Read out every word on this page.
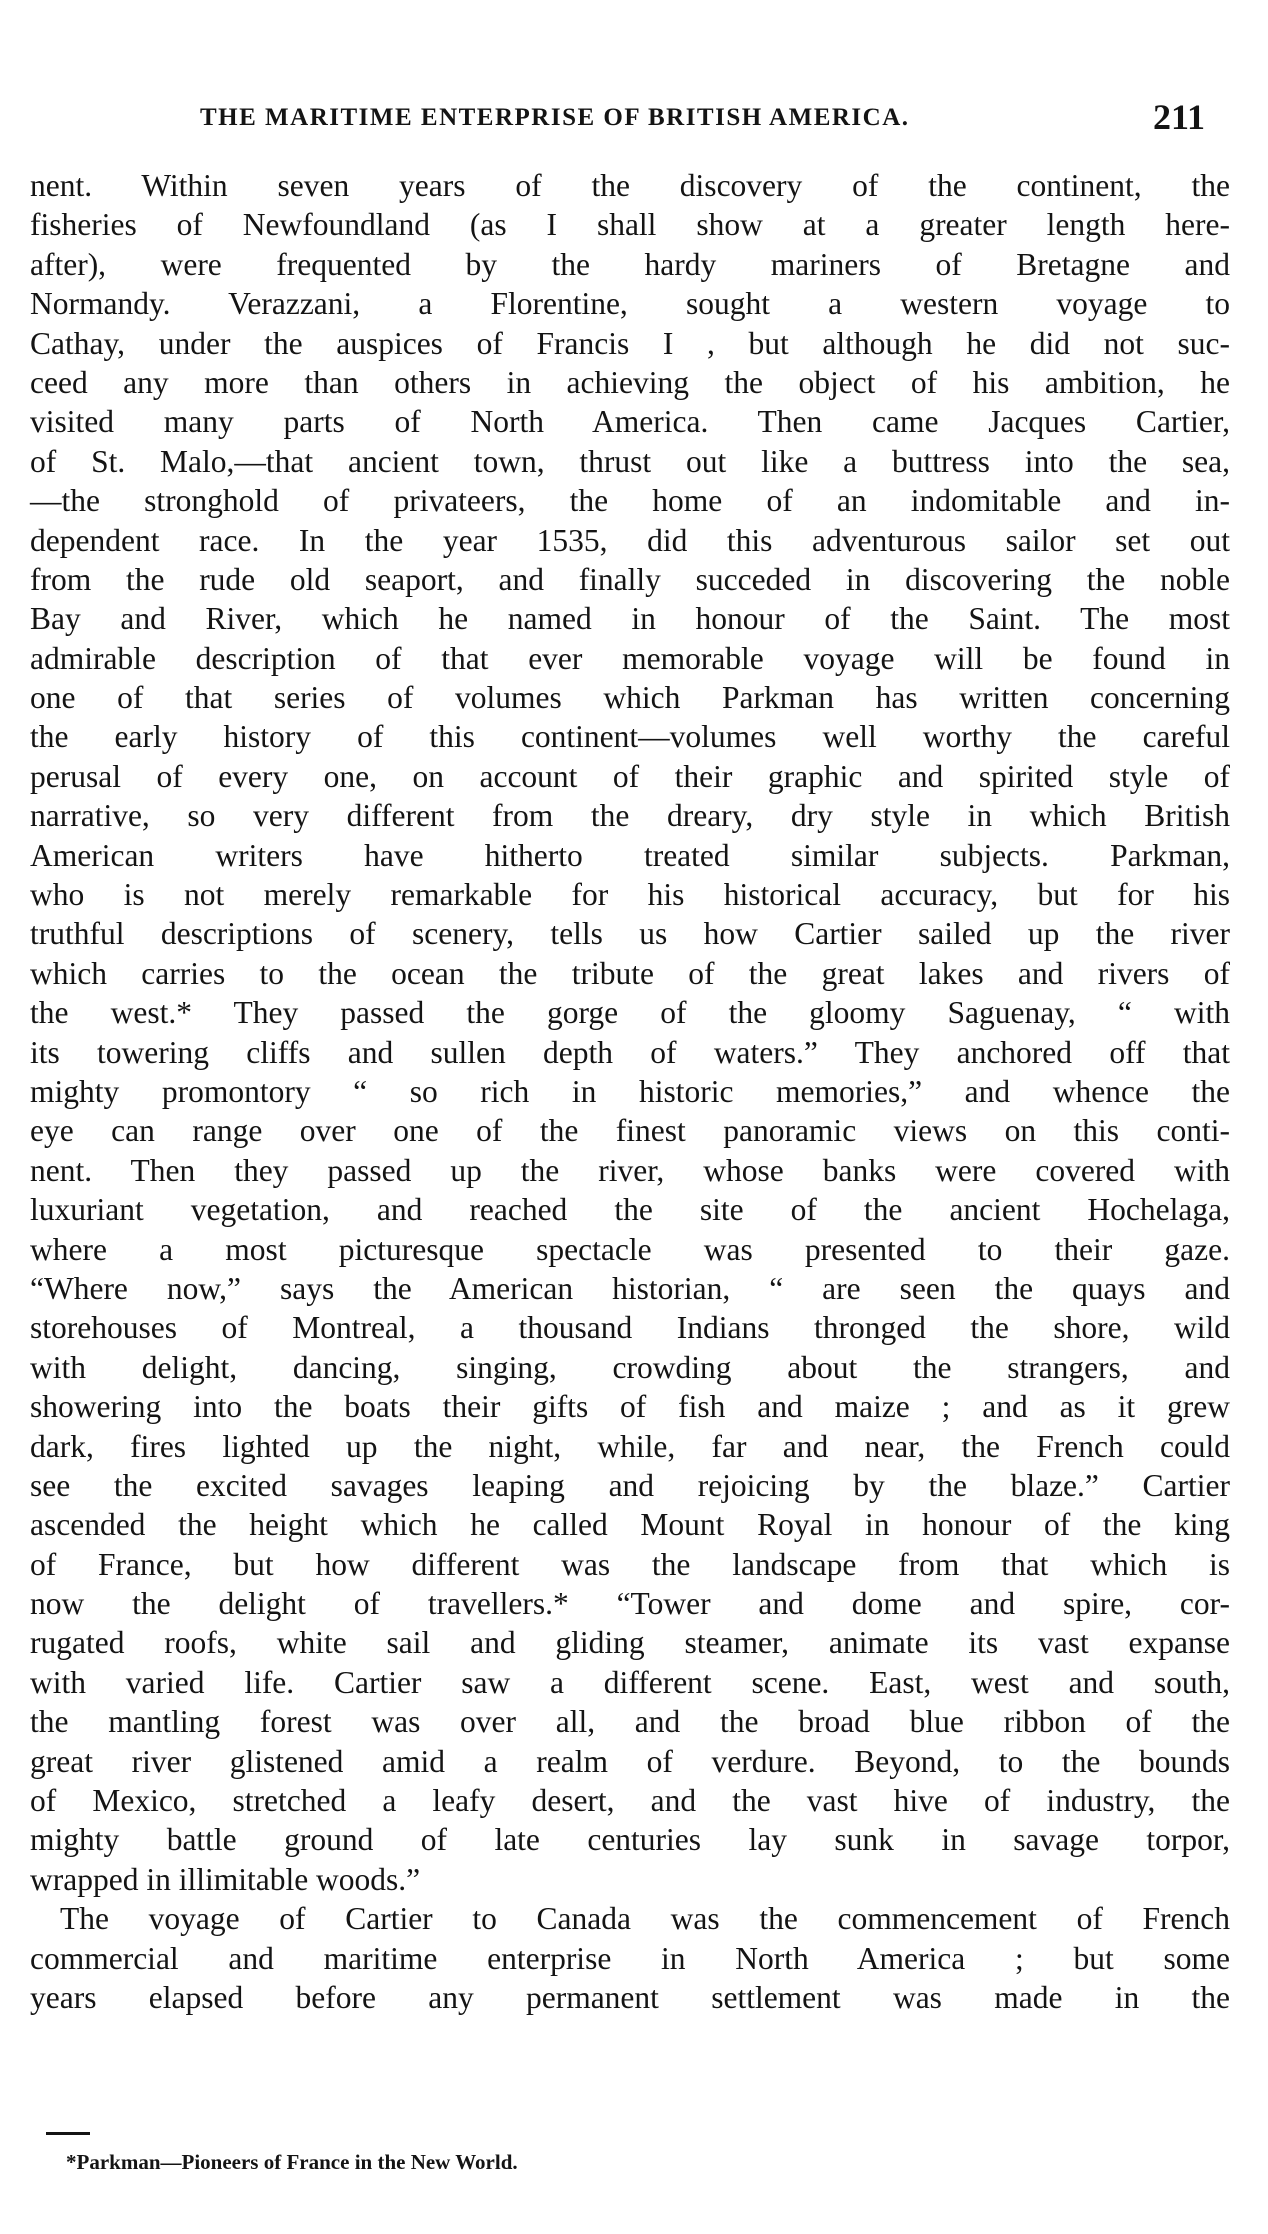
THE MARITIME ENTERPRISE OF BRITISH AMERICA.	211
nent. Within seven years of the discovery of the continent, the
fisheries of Newfoundland (as I shall show at a greater length here-
after), were frequented by the hardy mariners of Bretagne and
Normandy. Verazzani, a Florentine, sought a western voyage to
Cathay, under the auspices of Francis I , but although he did not suc-
ceed any more than others in achieving the object of his ambition, he
visited many parts of North America. Then came Jacques Cartier,
of St. Malo,—that ancient town, thrust out like a buttress into the sea,
—the stronghold of privateers, the home of an indomitable and in-
dependent race. In the year 1535, did this adventurous sailor set out
from the rude old seaport, and finally succeded in discovering the noble
Bay and River, which he named in honour of the Saint. The most
admirable description of that ever memorable voyage will be found in
one of that series of volumes which Parkman has written concerning
the early history of this continent—volumes well worthy the careful
perusal of every one, on account of their graphic and spirited style of
narrative, so very different from the dreary, dry style in which British
American writers have hitherto treated similar subjects. Parkman,
who is not merely remarkable for his historical accuracy, but for his
truthful descriptions of scenery, tells us how Cartier sailed up the river
which carries to the ocean the tribute of the great lakes and rivers of
the west.* They passed the gorge of the gloomy Saguenay, “ with
its towering cliffs and sullen depth of waters.” They anchored off that
mighty promontory “ so rich in historic memories,” and whence the
eye can range over one of the finest panoramic views on this conti-
nent. Then they passed up the river, whose banks were covered with
luxuriant vegetation, and reached the site of the ancient Hochelaga,
where a most picturesque spectacle was presented to their gaze.
“Where now,” says the American historian, “ are seen the quays and
storehouses of Montreal, a thousand Indians thronged the shore, wild
with delight, dancing, singing, crowding about the strangers, and
showering into the boats their gifts of fish and maize ; and as it grew
dark, fires lighted up the night, while, far and near, the French could
see the excited savages leaping and rejoicing by the blaze.” Cartier
ascended the height which he called Mount Royal in honour of the king
of France, but how different was the landscape from that which is
now the delight of travellers.* “Tower and dome and spire, cor-
rugated roofs, white sail and gliding steamer, animate its vast expanse
with varied life. Cartier saw a different scene. East, west and south,
the mantling forest was over all, and the broad blue ribbon of the
great river glistened amid a realm of verdure. Beyond, to the bounds
of Mexico, stretched a leafy desert, and the vast hive of industry, the
mighty battle ground of late centuries lay sunk in savage torpor,
wrapped in illimitable woods.”
The voyage of Cartier to Canada was the commencement of French
commercial and maritime enterprise in North America ; but some
years elapsed before any permanent settlement was made in the
*Parkman—Pioneers of France in the New World.
